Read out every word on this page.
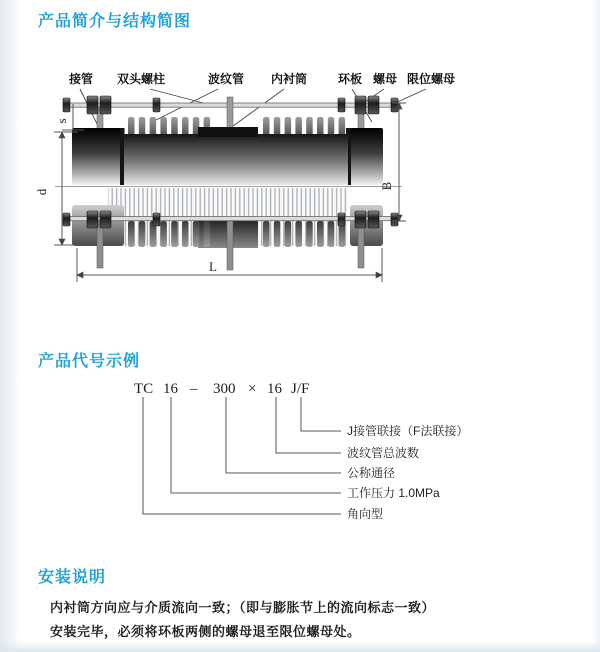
产品简介与结构简图
接管 双头螺柱	波纹管 内衬筒	环板 螺母 限位螺母
s
d
B
L
产品代号示例
TC 16 – 300 × 16 J/F
J接管联接（F法联接）
波纹管总波数
公称通径
工作压力 1.0MPa
角向型
安装说明
内衬筒方向应与介质流向一致；（即与膨胀节上的流向标志一致）
安装完毕，必须将环板两侧的螺母退至限位螺母处。
